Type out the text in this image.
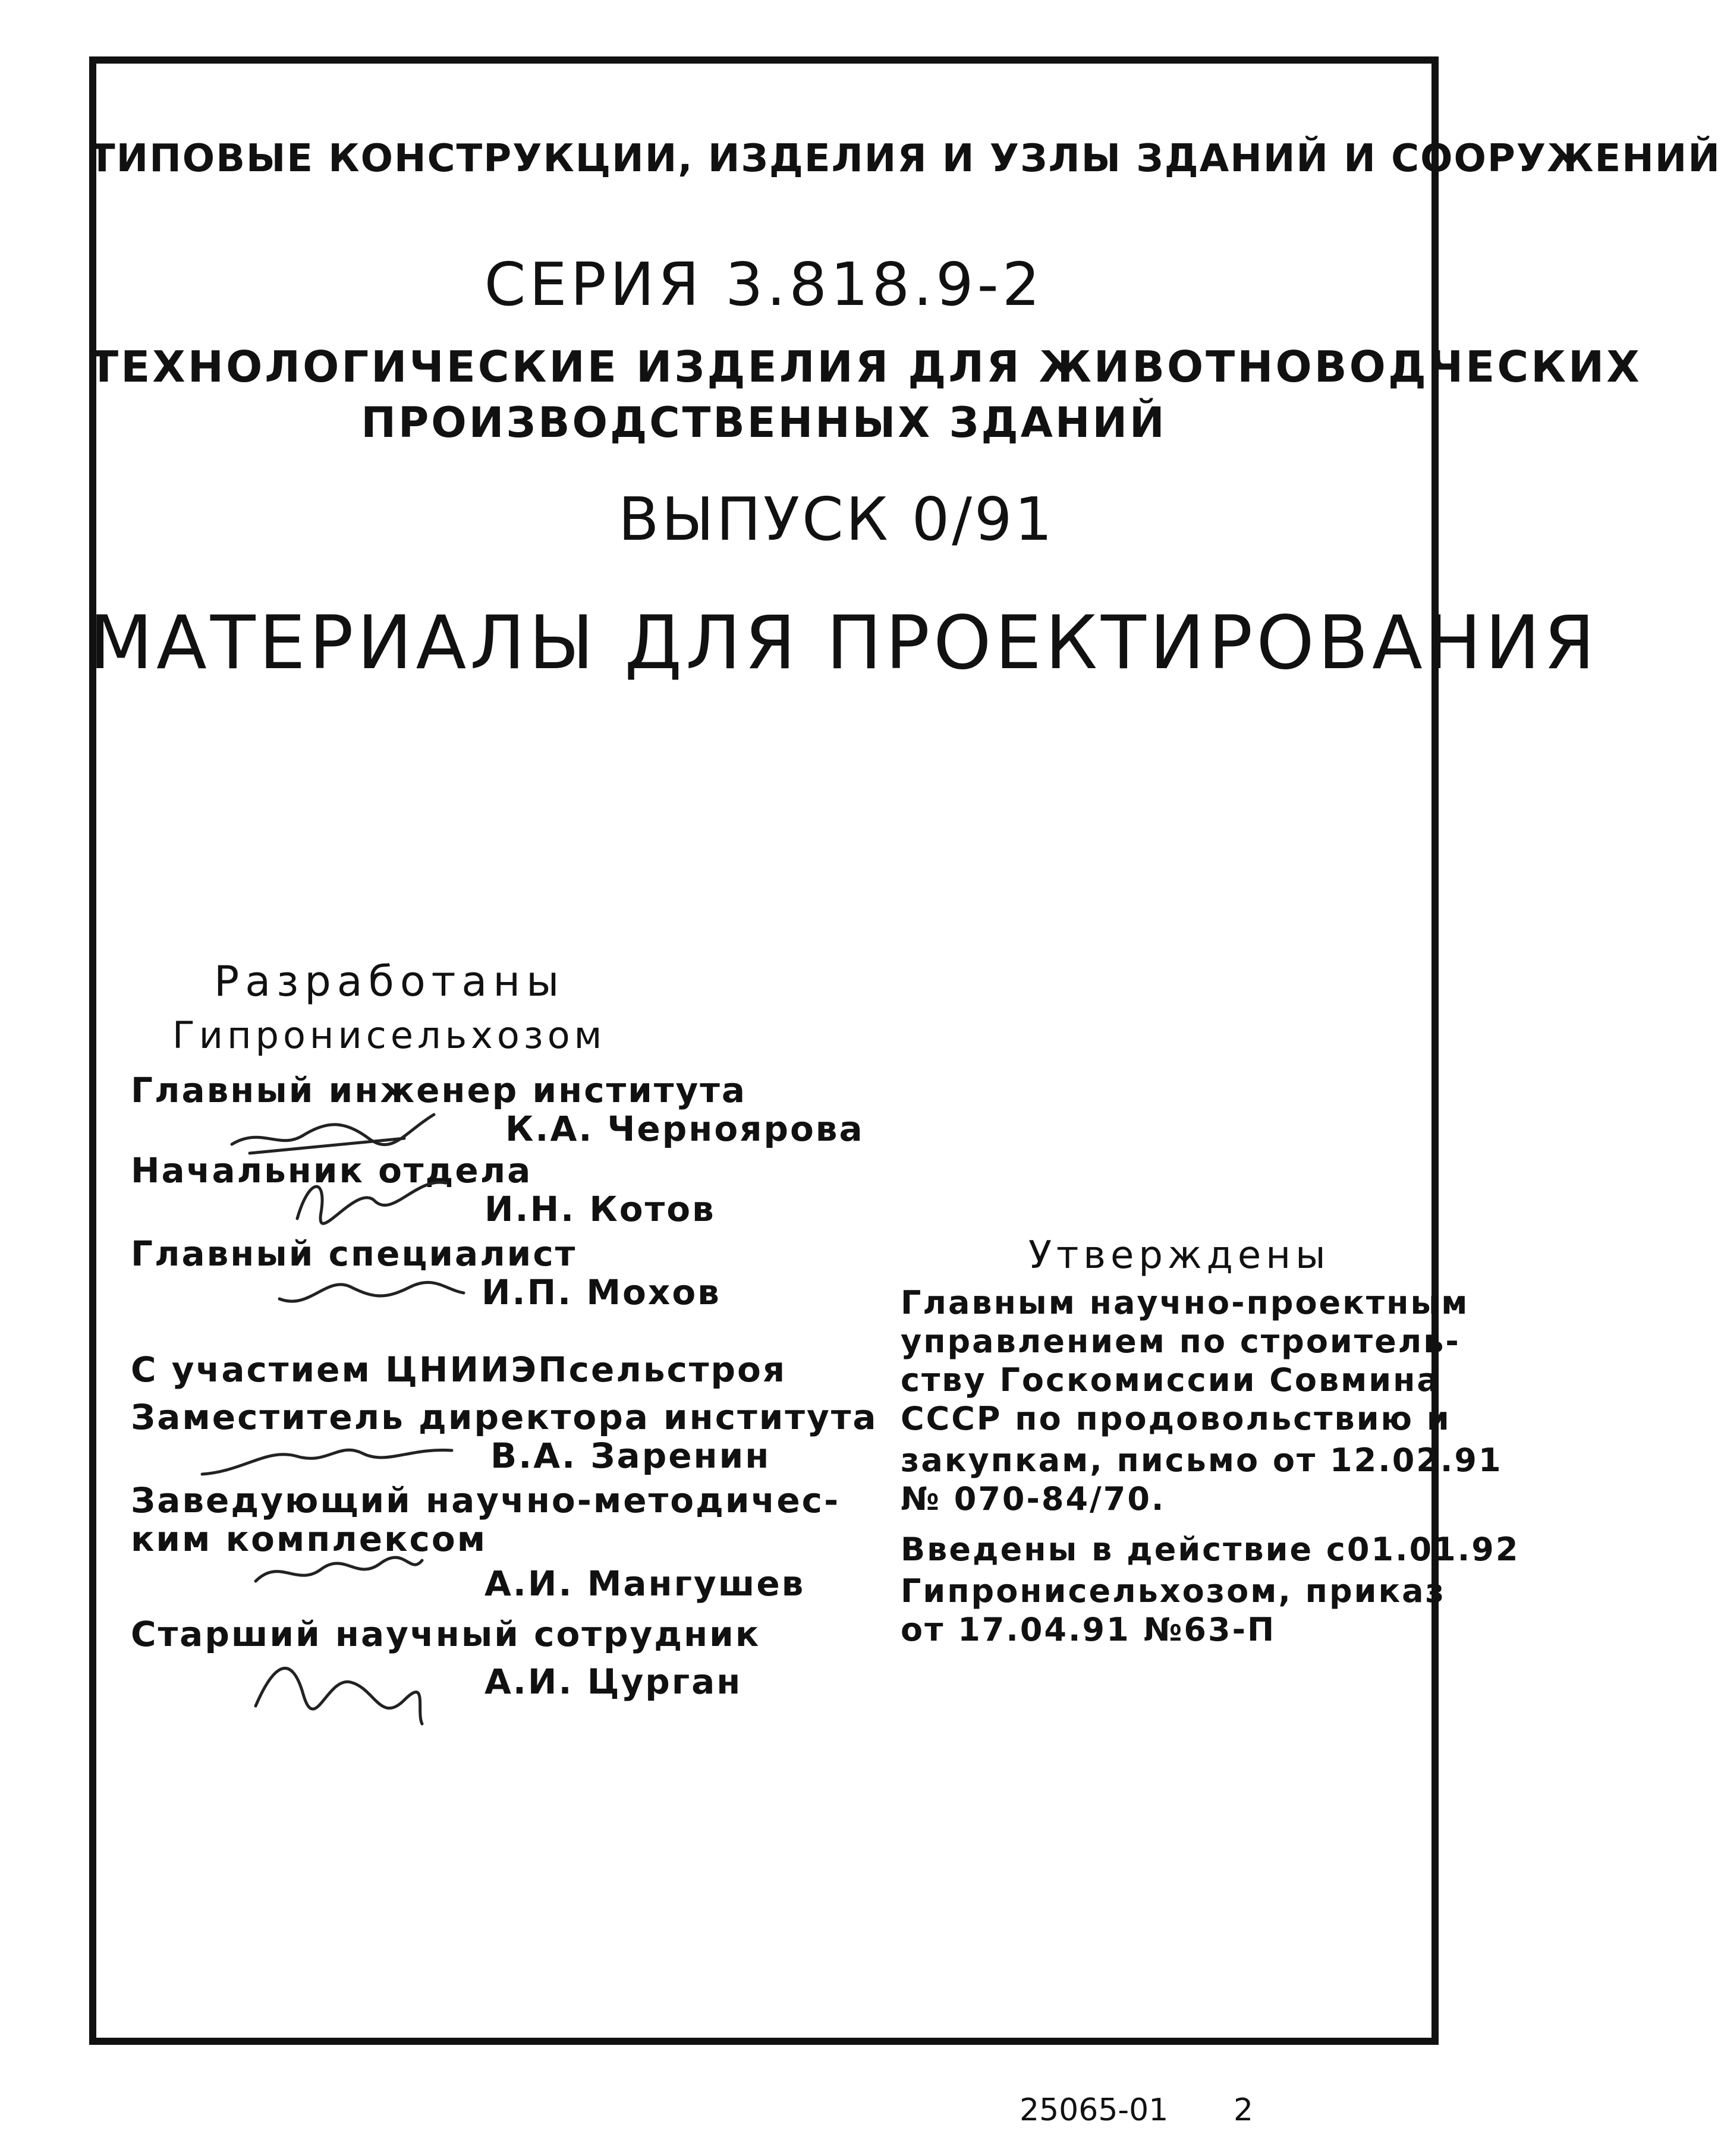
ТИПОВЫЕ КОНСТРУКЦИИ, ИЗДЕЛИЯ И УЗЛЫ ЗДАНИЙ И СООРУЖЕНИЙ
СЕРИЯ 3.818.9-2
ТЕХНОЛОГИЧЕСКИЕ ИЗДЕЛИЯ ДЛЯ ЖИВОТНОВОДЧЕСКИХ
ПРОИЗВОДСТВЕННЫХ ЗДАНИЙ
ВЫПУСК 0/91
МАТЕРИАЛЫ ДЛЯ ПРОЕКТИРОВАНИЯ
Разработаны
Гипронисельхозом
Главный инженер института
К.А. Черноярова
Начальник отдела
И.Н. Котов
Главный специалист
И.П. Мохов
С участием ЦНИИЭПсельстроя
Заместитель директора института
В.А. Заренин
Заведующий научно-методичес-
ким комплексом
А.И. Мангушев
Старший научный сотрудник
А.И. Цурган
Утверждены
Главным научно-проектным
управлением по строитель-
ству Госкомиссии Совмина
СССР по продовольствию и
закупкам, письмо от 12.02.91
№ 070-84/70.
Введены в действие с01.01.92
Гипронисельхозом, приказ
от 17.04.91 №63-П
25065-01 2
